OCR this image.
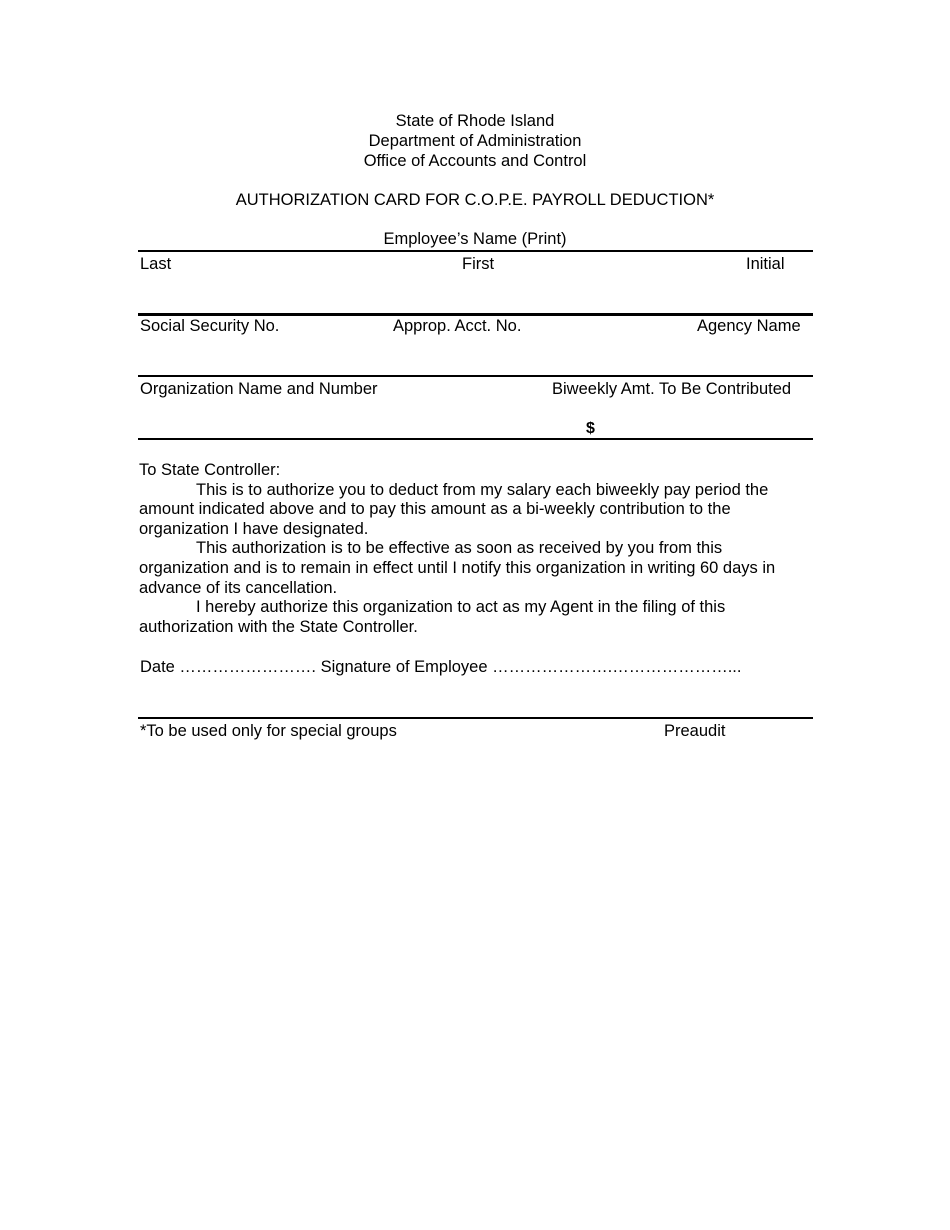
State of Rhode Island
Department of Administration
Office of Accounts and Control
AUTHORIZATION CARD FOR C.O.P.E. PAYROLL DEDUCTION*
Employee’s Name (Print)
Last	First	Initial
Social Security No.	Approp. Acct. No.	Agency Name
Organization Name and Number	Biweekly Amt. To Be Contributed
$

To State Controller:

This is to authorize you to deduct from my salary each biweekly pay period the amount indicated above and to pay this amount as a bi-weekly contribution to the organization I have designated.

This authorization is to be effective as soon as received by you from this organization and is to remain in effect until I notify this organization in writing 60 days in advance of its cancellation.

I hereby authorize this organization to act as my Agent in the filing of this authorization with the State Controller.

Date ……………………. Signature of Employee ………………….…………………...
*To be used only for special groups	Preaudit
